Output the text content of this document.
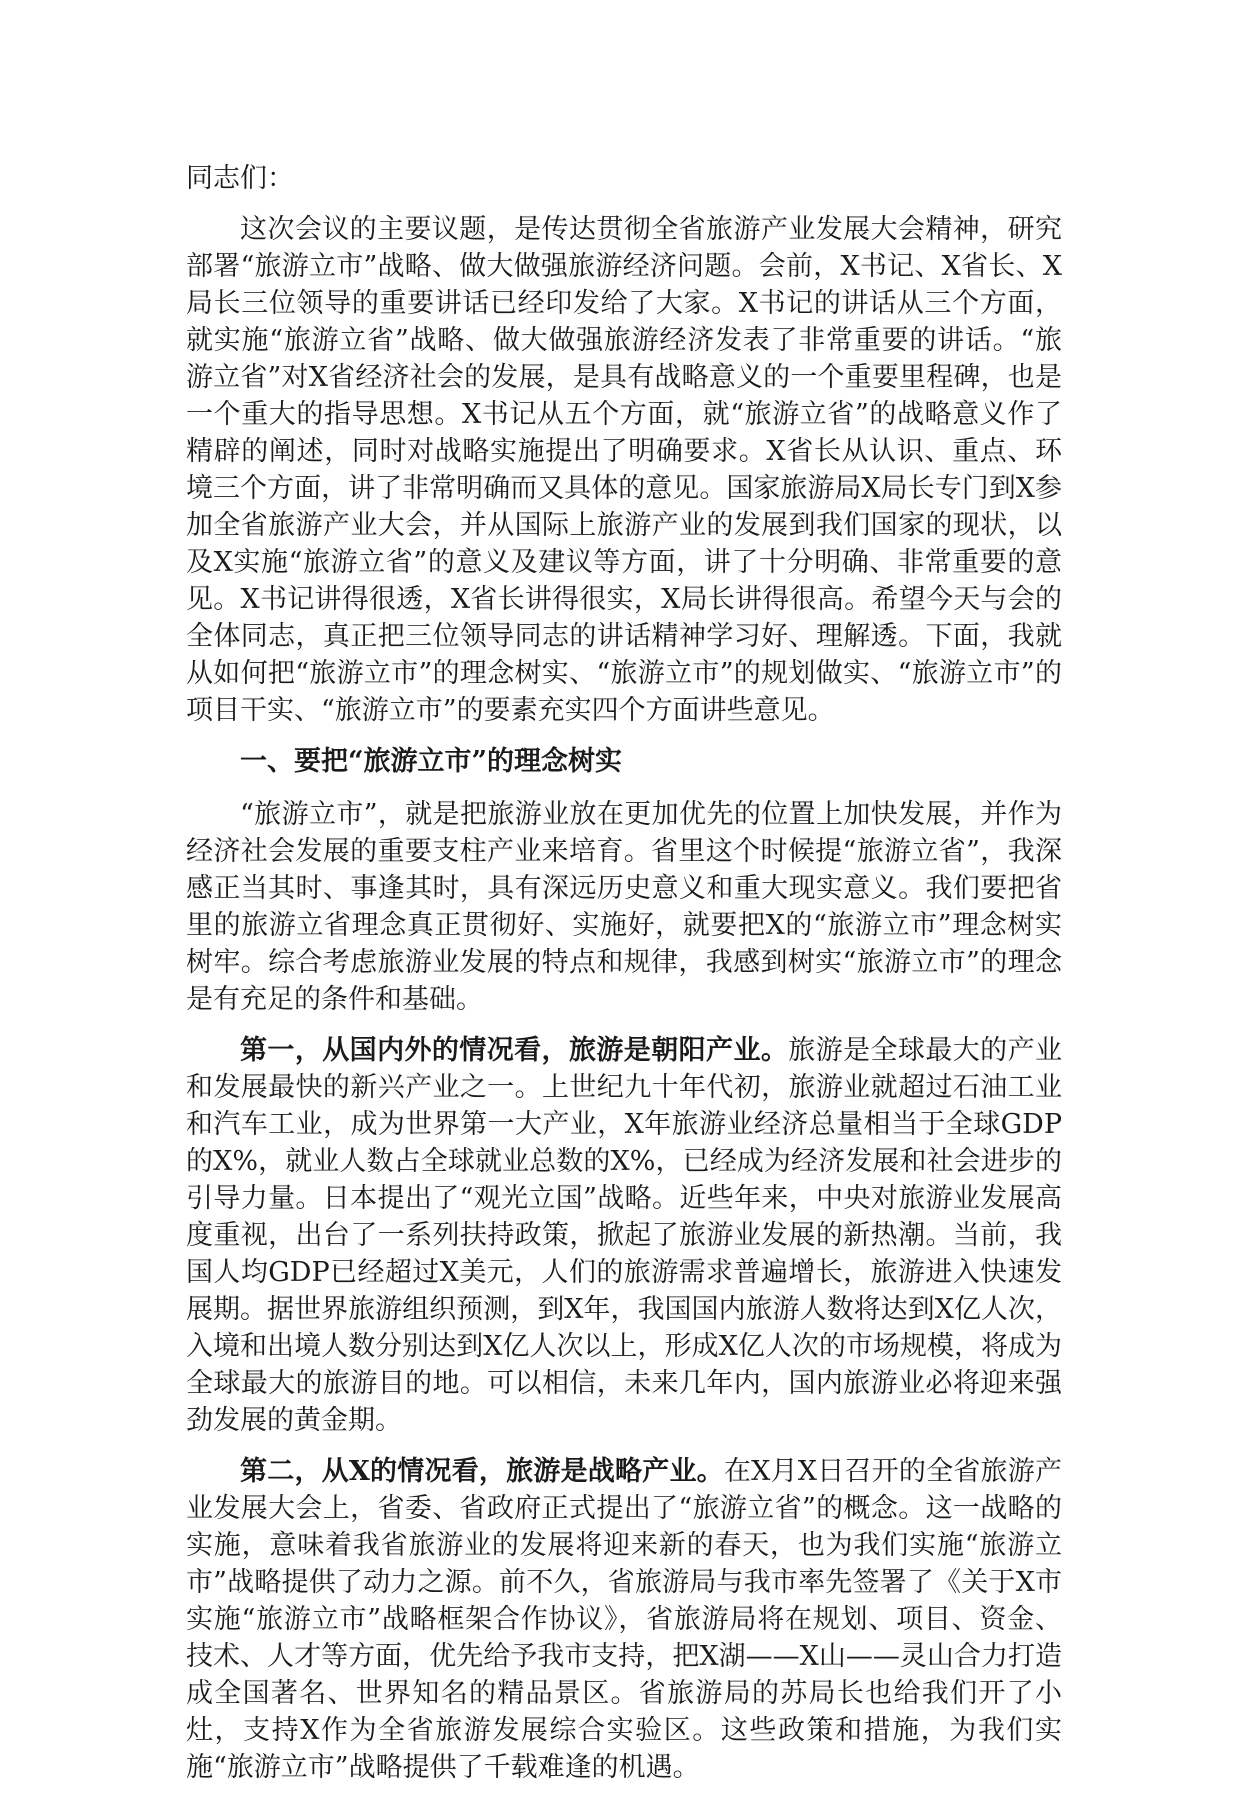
同志们：

这次会议的主要议题，是传达贯彻全省旅游产业发展大会精神，研究部署“旅游立市”战略、做大做强旅游经济问题。会前，X书记、X省长、X局长三位领导的重要讲话已经印发给了大家。X书记的讲话从三个方面，就实施“旅游立省”战略、做大做强旅游经济发表了非常重要的讲话。“旅游立省”对X省经济社会的发展，是具有战略意义的一个重要里程碑，也是一个重大的指导思想。X书记从五个方面，就“旅游立省”的战略意义作了精辟的阐述，同时对战略实施提出了明确要求。X省长从认识、重点、环境三个方面，讲了非常明确而又具体的意见。国家旅游局X局长专门到X参加全省旅游产业大会，并从国际上旅游产业的发展到我们国家的现状，以及X实施“旅游立省”的意义及建议等方面，讲了十分明确、非常重要的意见。X书记讲得很透，X省长讲得很实，X局长讲得很高。希望今天与会的全体同志，真正把三位领导同志的讲话精神学习好、理解透。下面，我就从如何把“旅游立市”的理念树实、“旅游立市”的规划做实、“旅游立市”的项目干实、“旅游立市”的要素充实四个方面讲些意见。

一、要把“旅游立市”的理念树实

“旅游立市”，就是把旅游业放在更加优先的位置上加快发展，并作为经济社会发展的重要支柱产业来培育。省里这个时候提“旅游立省”，我深感正当其时、事逢其时，具有深远历史意义和重大现实意义。我们要把省里的旅游立省理念真正贯彻好、实施好，就要把X的“旅游立市”理念树实树牢。综合考虑旅游业发展的特点和规律，我感到树实“旅游立市”的理念是有充足的条件和基础。

第一，从国内外的情况看，旅游是朝阳产业。旅游是全球最大的产业和发展最快的新兴产业之一。上世纪九十年代初，旅游业就超过石油工业和汽车工业，成为世界第一大产业，X年旅游业经济总量相当于全球GDP的X%，就业人数占全球就业总数的X%，已经成为经济发展和社会进步的引导力量。日本提出了“观光立国”战略。近些年来，中央对旅游业发展高度重视，出台了一系列扶持政策，掀起了旅游业发展的新热潮。当前，我国人均GDP已经超过X美元，人们的旅游需求普遍增长，旅游进入快速发展期。据世界旅游组织预测，到X年，我国国内旅游人数将达到X亿人次，入境和出境人数分别达到X亿人次以上，形成X亿人次的市场规模，将成为全球最大的旅游目的地。可以相信，未来几年内，国内旅游业必将迎来强劲发展的黄金期。

第二，从X的情况看，旅游是战略产业。在X月X日召开的全省旅游产业发展大会上，省委、省政府正式提出了“旅游立省”的概念。这一战略的实施，意味着我省旅游业的发展将迎来新的春天，也为我们实施“旅游立市”战略提供了动力之源。前不久，省旅游局与我市率先签署了《关于X市实施“旅游立市”战略框架合作协议》，省旅游局将在规划、项目、资金、技术、人才等方面，优先给予我市支持，把X湖——X山——灵山合力打造成全国著名、世界知名的精品景区。省旅游局的苏局长也给我们开了小灶，支持X作为全省旅游发展综合实验区。这些政策和措施，为我们实施“旅游立市”战略提供了千载难逢的机遇。
